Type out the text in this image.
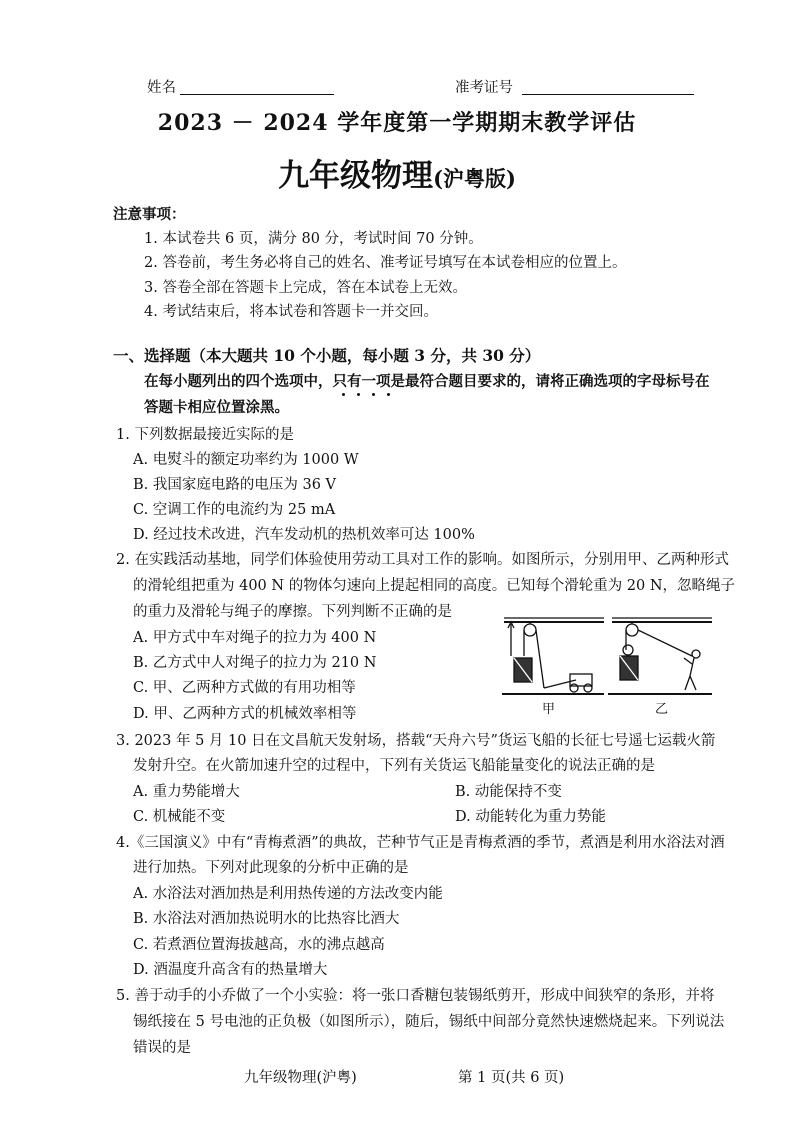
姓名	准考证号
2023 － 2024 学年度第一学期期末教学评估
九年级物理(沪粤版)
注意事项：
1. 本试卷共 6 页，满分 80 分，考试时间 70 分钟。
2. 答卷前，考生务必将自己的姓名、准考证号填写在本试卷相应的位置上。
3. 答卷全部在答题卡上完成，答在本试卷上无效。
4. 考试结束后，将本试卷和答题卡一并交回。
一、选择题（本大题共 10 个小题，每小题 3 分，共 30 分）
在每小题列出的四个选项中，只有一项是最符合题目要求的，请将正确选项的字母标号在
答题卡相应位置涂黑。
1. 下列数据最接近实际的是
A. 电熨斗的额定功率约为 1000 W
B. 我国家庭电路的电压为 36 V
C. 空调工作的电流约为 25 mA
D. 经过技术改进，汽车发动机的热机效率可达 100%
2. 在实践活动基地，同学们体验使用劳动工具对工作的影响。如图所示，分别用甲、乙两种形式
的滑轮组把重为 400 N 的物体匀速向上提起相同的高度。已知每个滑轮重为 20 N，忽略绳子
的重力及滑轮与绳子的摩擦。下列判断不正确的是
A. 甲方式中车对绳子的拉力为 400 N
B. 乙方式中人对绳子的拉力为 210 N
C. 甲、乙两种方式做的有用功相等
D. 甲、乙两种方式的机械效率相等	甲	乙
3. 2023 年 5 月 10 日在文昌航天发射场，搭载“天舟六号”货运飞船的长征七号遥七运载火箭
发射升空。在火箭加速升空的过程中，下列有关货运飞船能量变化的说法正确的是
A. 重力势能增大	B. 动能保持不变
C. 机械能不变	D. 动能转化为重力势能
4.《三国演义》中有“青梅煮酒”的典故，芒种节气正是青梅煮酒的季节，煮酒是利用水浴法对酒
进行加热。下列对此现象的分析中正确的是
A. 水浴法对酒加热是利用热传递的方法改变内能
B. 水浴法对酒加热说明水的比热容比酒大
C. 若煮酒位置海拔越高，水的沸点越高
D. 酒温度升高含有的热量增大
5. 善于动手的小乔做了一个小实验：将一张口香糖包装锡纸剪开，形成中间狭窄的条形，并将
锡纸接在 5 号电池的正负极（如图所示），随后，锡纸中间部分竟然快速燃烧起来。下列说法
错误的是
九年级物理(沪粤)	第 1 页(共 6 页)
